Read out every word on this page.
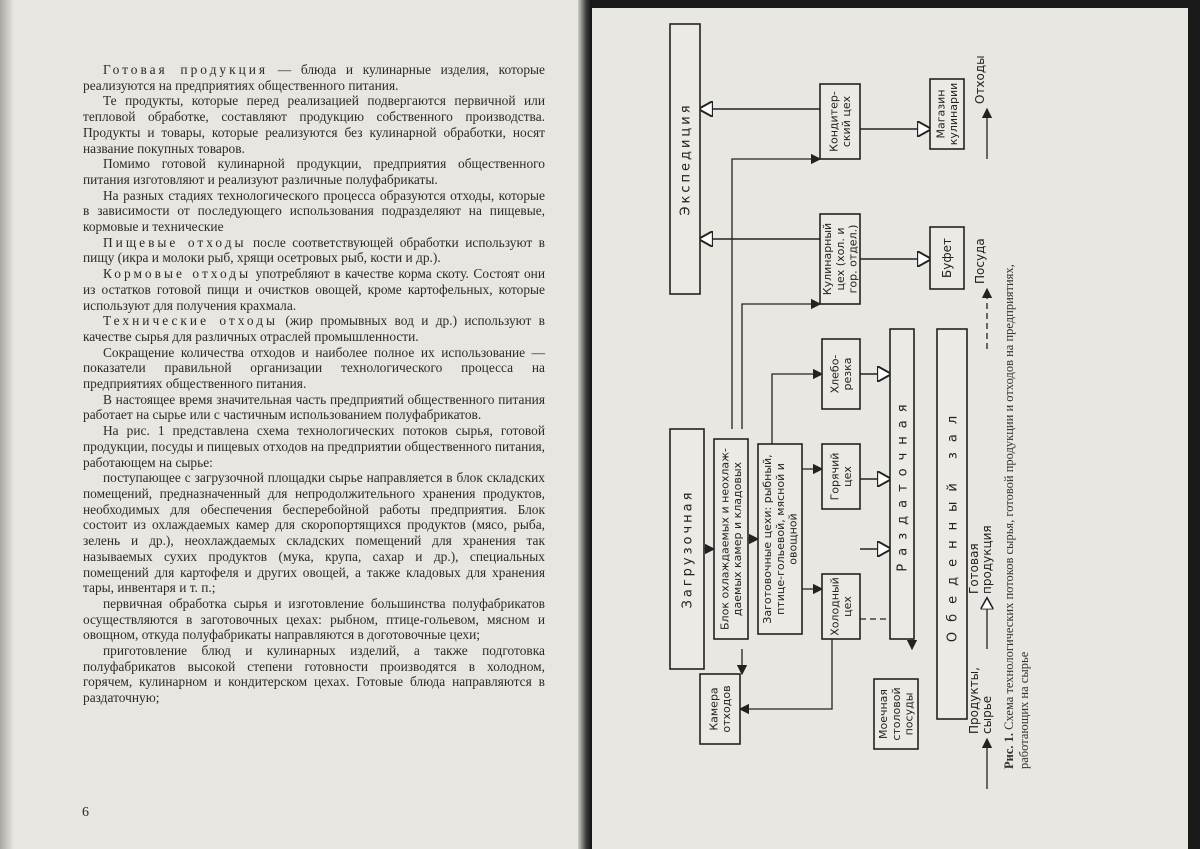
Готовая продукция — блюда и кулинарные изделия, которые реализуются на предприятиях общественного питания.

Те продукты, которые перед реализацией подвергаются первичной или тепловой обработке, составляют продукцию собственного производства. Продукты и товары, которые реализуются без кулинарной обработки, носят название покупных товаров.

Помимо готовой кулинарной продукции, предприятия общественного питания изготовляют и реализуют различные полуфабрикаты.

На разных стадиях технологического процесса образуются отходы, которые в зависимости от последующего использования подразделяют на пищевые, кормовые и технические

Пищевые отходы после соответствующей обработки используют в пищу (икра и молоки рыб, хрящи осетровых рыб, кости и др.).

Кормовые отходы употребляют в качестве корма скоту. Состоят они из остатков готовой пищи и очистков овощей, кроме картофельных, которые используют для получения крахмала.

Технические отходы (жир промывных вод и др.) используют в качестве сырья для различных отраслей промышленности.

Сокращение количества отходов и наиболее полное их использование — показатели правильной организации технологического процесса на предприятиях общественного питания.

В настоящее время значительная часть предприятий общественного питания работает на сырье или с частичным использованием полуфабрикатов.

На рис. 1 представлена схема технологических потоков сырья, готовой продукции, посуды и пищевых отходов на предприятии общественного питания, работающем на сырье:

поступающее с загрузочной площадки сырье направляется в блок складских помещений, предназначенный для непродолжительного хранения продуктов, необходимых для обеспечения бесперебойной работы предприятия. Блок состоит из охлаждаемых камер для скоропортящихся продуктов (мясо, рыба, зелень и др.), неохлаждаемых складских помещений для хранения так называемых сухих продуктов (мука, крупа, сахар и др.), специальных помещений для картофеля и других овощей, а также кладовых для хранения тары, инвентаря и т. п.;

первичная обработка сырья и изготовление большинства полуфабрикатов осуществляются в заготовочных цехах: рыбном, птице-гольевом, мясном и овощном, откуда полуфабрикаты направляются в доготовочные цехи;

приготовление блюд и кулинарных изделий, а также подготовка полуфабрикатов высокой степени готовности производятся в холодном, горячем, кулинарном и кондитерском цехах. Готовые блюда направляются в раздаточную;

6
Загрузочная Блок охлаждаемых и неохлаж- даемых камер и кладовых Заготовочные цехи: рыбный, птице-гольевой, мясной и овощной
Горячий цех
Холодный цех
Хлебо- резка
Кулинарный цех (хол. и гор. отдел.)
Кондитер- ский цех
Экспедиция
Раздаточная	Обеденный зал
Буфет
Магазин кулинарии
Камера отходов	Моечная столовой посуды	Продукты, сырье
Готовая продукция
Посуда
Отходы
Рис. 1. Схема технологических потоков сырья, готовой продукции и отходов на предприятиях,
работающих на сырье
